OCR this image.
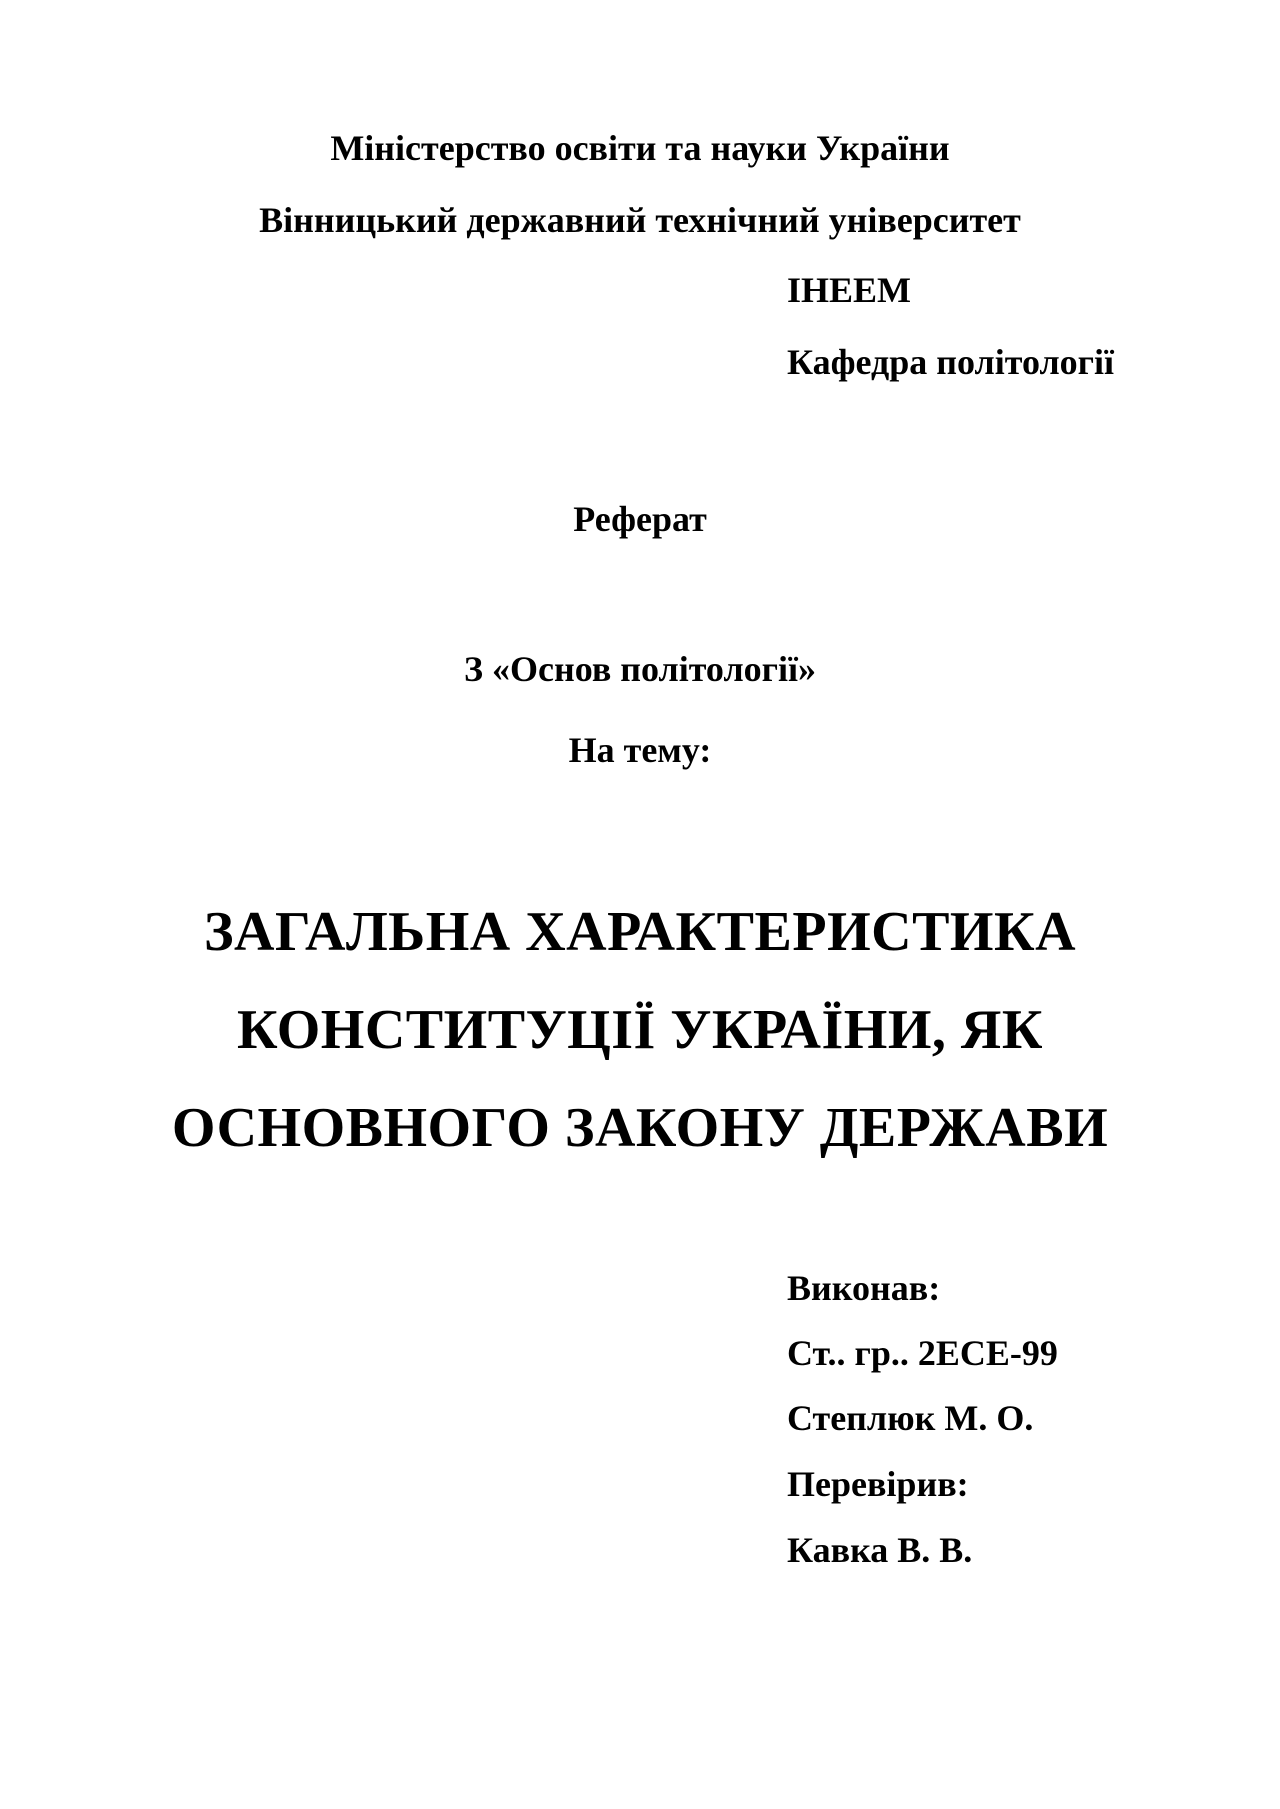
Міністерство освіти та науки України
Вінницький державний технічний університет
ІНЕЕМ
Кафедра політології
Реферат
З «Основ політології»
На тему:
ЗАГАЛЬНА ХАРАКТЕРИСТИКА
КОНСТИТУЦІЇ УКРАЇНИ, ЯК
ОСНОВНОГО ЗАКОНУ ДЕРЖАВИ
Виконав:
Ст.. гр.. 2ЕСЕ-99
Степлюк М. О.
Перевірив:
Кавка В. В.
